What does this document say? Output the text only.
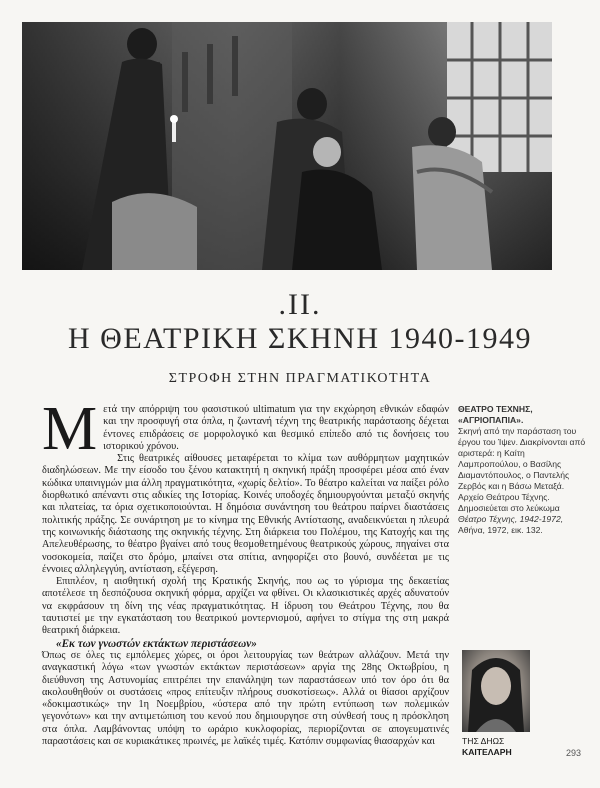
.ΙΙ.
Η ΘΕΑΤΡΙΚΗ ΣΚΗΝΗ 1940-1949
ΣΤΡΟΦΗ ΣΤΗΝ ΠΡΑΓΜΑΤΙΚΟΤΗΤΑ

Mετά την απόρριψη του φασιστικού ultimatum για την εκχώρηση εθνικών εδαφών και την προσφυγή στα όπλα, η ζωντανή τέχνη της θεατρικής παράστασης δέχεται έντονες επιδράσεις σε μορφολογικό και θεσμικό επίπεδο από τις δονήσεις του ιστορικού χρόνου.

Στις θεατρικές αίθουσες μεταφέρεται το κλίμα των αυθόρμητων μαχητικών διαδηλώσεων. Με την είσοδο του ξένου κατακτητή η σκηνική πράξη προσφέρει μέσα από έναν κώδικα υπαινιγμών μια άλλη πραγματικότητα, «χωρίς δελτίο». Το θέατρο καλείται να παίξει ρόλο διορθωτικό απέναντι στις αδικίες της Ιστορίας. Κοινές υποδοχές δημιουργούνται μεταξύ σκηνής και πλατείας, τα όρια σχετικοποιούνται. Η δημόσια συνάντηση του θεάτρου παίρνει διαστάσεις πολιτικής πράξης. Σε συνάρτηση με το κίνημα της Εθνικής Αντίστασης, αναδεικνύεται η πλευρά της κοινωνικής διάστασης της σκηνικής τέχνης. Στη διάρκεια του Πολέμου, της Κατοχής και της Απελευθέρωσης, το θέατρο βγαίνει από τους θεσμοθετημένους θεατρικούς χώρους, πηγαίνει στα νοσοκομεία, παίζει στο δρόμο, μπαίνει στα σπίτια, ανηφορίζει στο βουνό, συνδέεται με τις έννοιες αλληλεγγύη, αντίσταση, εξέγερση.

Επιπλέον, η αισθητική σχολή της Κρατικής Σκηνής, που ως το γύρισμα της δεκαετίας αποτέλεσε τη δεσπόζουσα σκηνική φόρμα, αρχίζει να φθίνει. Οι κλασικιστικές αρχές αδυνατούν να εκφράσουν τη δίνη της νέας πραγματικότητας. Η ίδρυση του Θεάτρου Τέχνης, που θα ταυτιστεί με την εγκατάσταση του θεατρικού μοντερνισμού, αφήνει το στίγμα της στη μακρά θεατρική διάρκεια.

«Εκ των γνωστών εκτάκτων περιστάσεων»

Όπως σε όλες τις εμπόλεμες χώρες, οι όροι λειτουργίας των θεάτρων αλλάζουν. Μετά την αναγκαστική λόγω «των γνωστών εκτάκτων περιστάσεων» αργία της 28ης Οκτωβρίου, η διεύθυνση της Αστυνομίας επιτρέπει την επανάληψη των παραστάσεων υπό τον όρο ότι θα ακολουθηθούν οι συστάσεις «προς επίτευξιν πλήρους συσκοτίσεως». Αλλά οι θίασοι αρχίζουν «δοκιμαστικώς» την 1η Νοεμβρίου, «ύστερα από την πρώτη εντύπωση των πολεμικών γεγονότων» και την αντιμετώπιση του κενού που δημιουργησε στη σύνθεσή τους η πρόσκληση στα όπλα. Λαμβάνοντας υπόψη το ωράριο κυκλοφορίας, περιορίζονται σε απογευματινές παραστάσεις και σε κυριακάτικες πρωινές, με λαϊκές τιμές. Κατόπιν συμφωνίας θιασαρχών και

ΘΕΑΤΡΟ ΤΕΧΝΗΣ, «ΑΓΡΙΟΠΑΠΙΑ».
Σκηνή από την παράσταση του έργου του Ίψεν. Διακρίνονται από αριστερά: η Καίτη Λαμπροπούλου, ο Βασίλης Διαμαντόπουλος, ο Παντελής Ζερβός και η Βάσω Μεταξά. Αρχείο Θεάτρου Τέχνης. Δημοσιεύεται στο λεύκωμα Θέατρο Τέχνης, 1942-1972, Αθήνα, 1972, εικ. 132.
ΤΗΣ ΔΗΩΣ
ΚΑΙΤΕΛΑΡΗ	293
